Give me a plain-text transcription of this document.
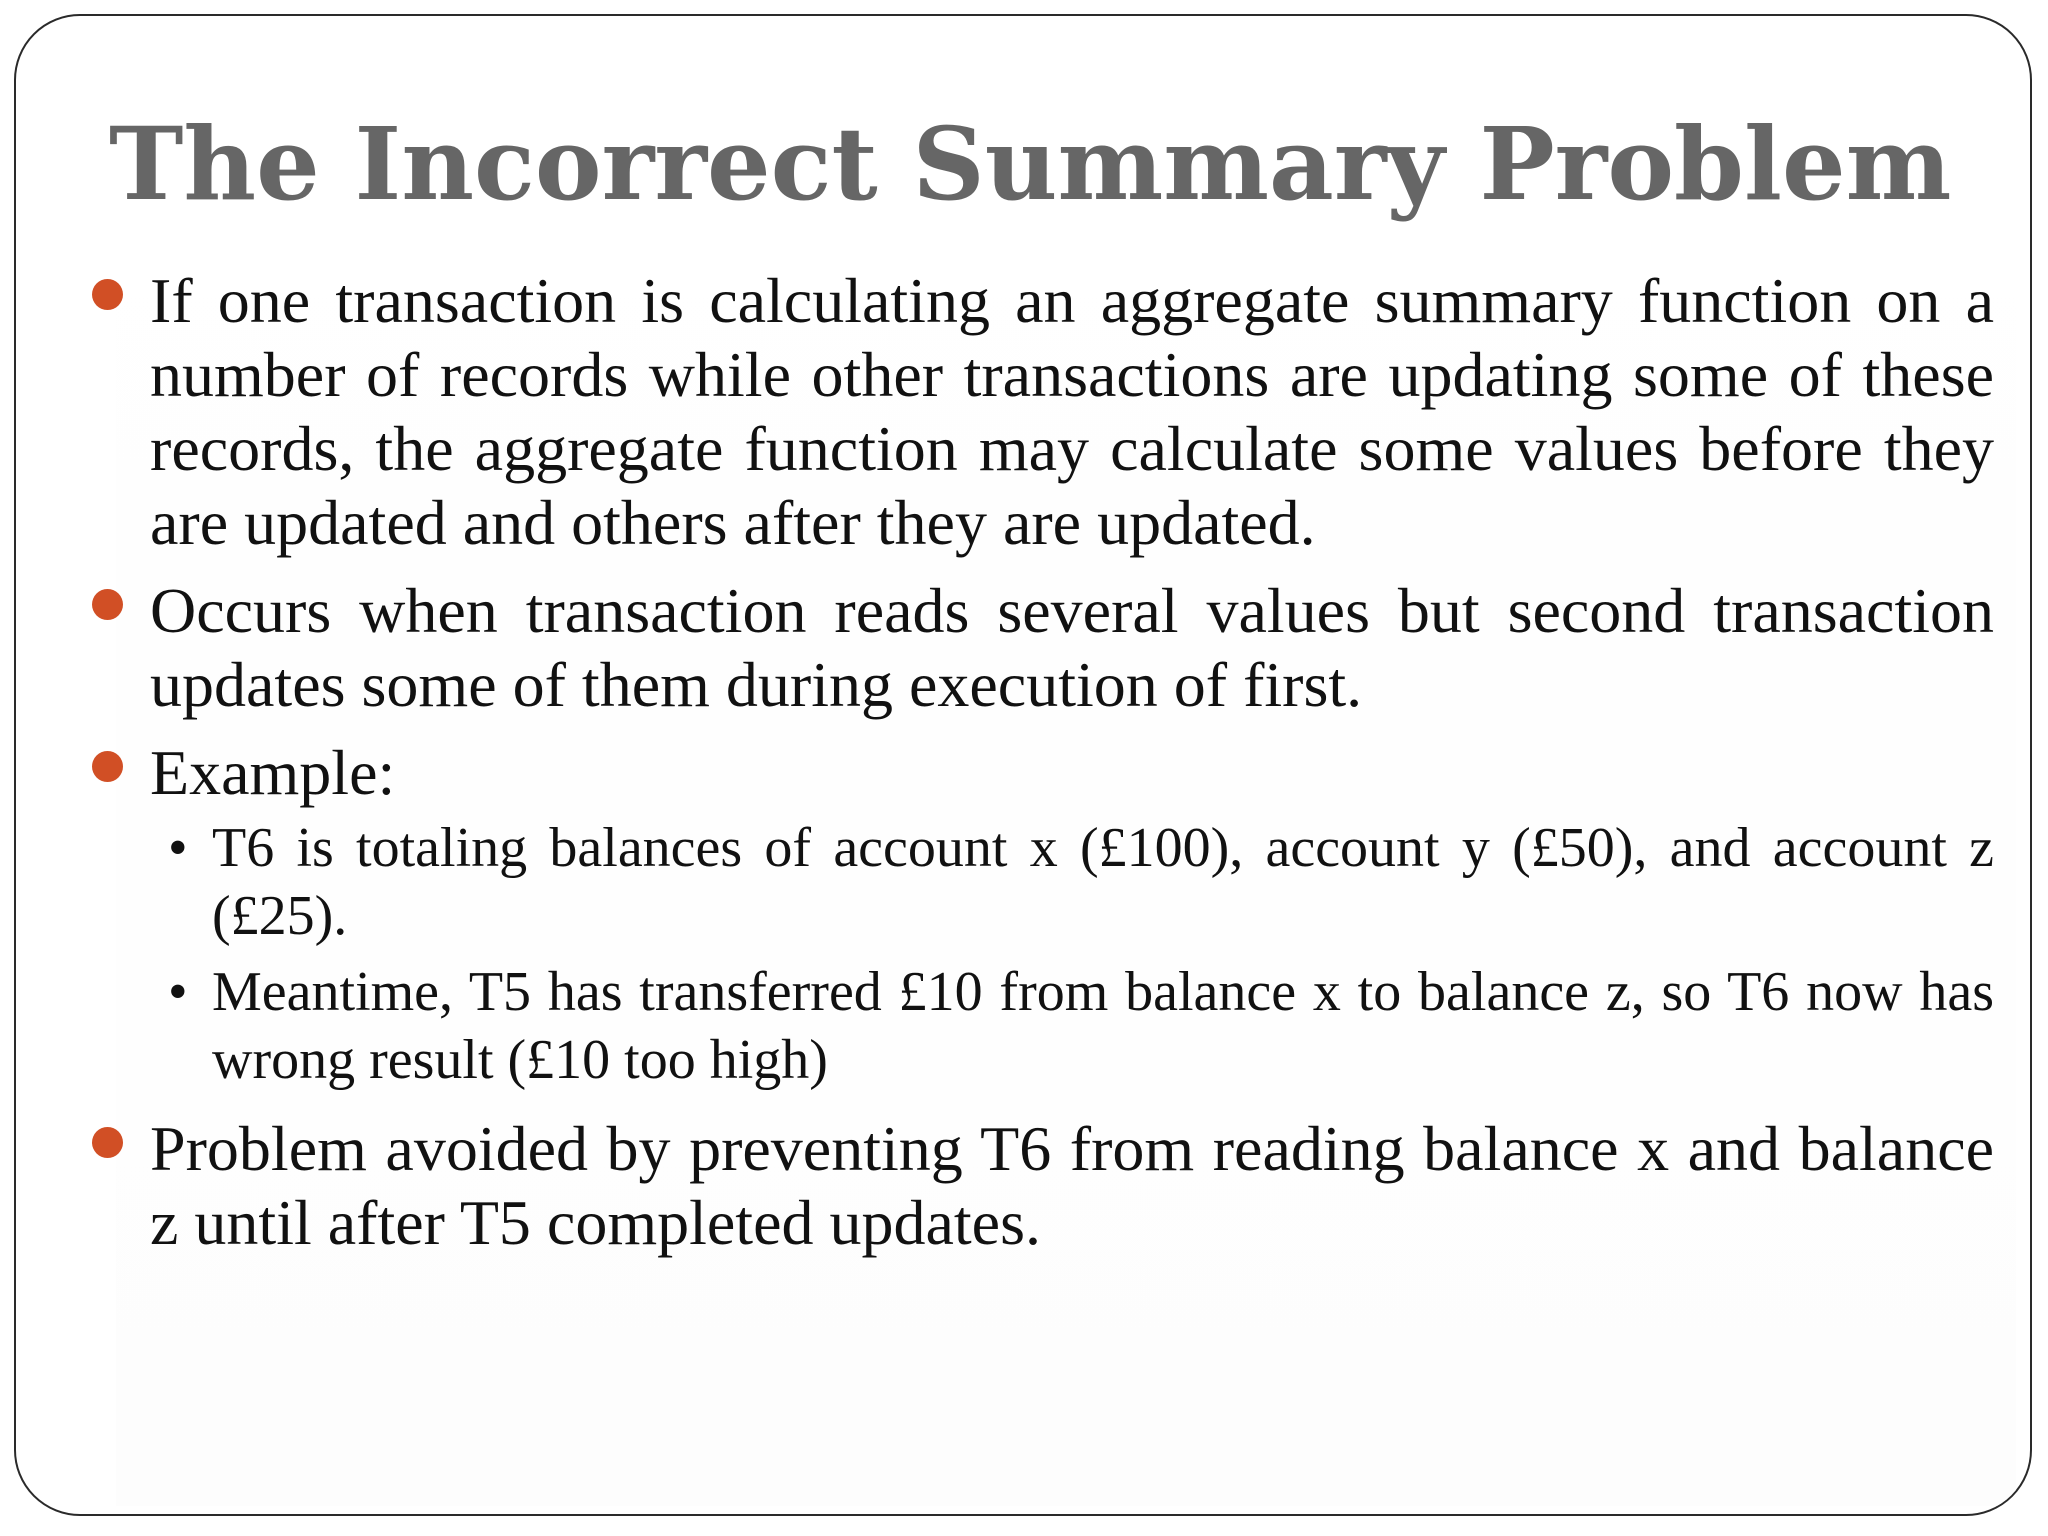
The Incorrect Summary Problem

If one transaction is calculating an aggregate summary function on a number of records while other transactions are updating some of these records, the aggregate function may calculate some values before they are updated and others after they are updated.

Occurs when transaction reads several values but second transaction updates some of them during execution of first.

Example:

• T6 is totaling balances of account x (£100), account y (£50), and account z (£25).

• Meantime, T5 has transferred £10 from balance x to balance z, so T6 now has wrong result (£10 too high)

Problem avoided by preventing T6 from reading balance x and balance z until after T5 completed updates.
